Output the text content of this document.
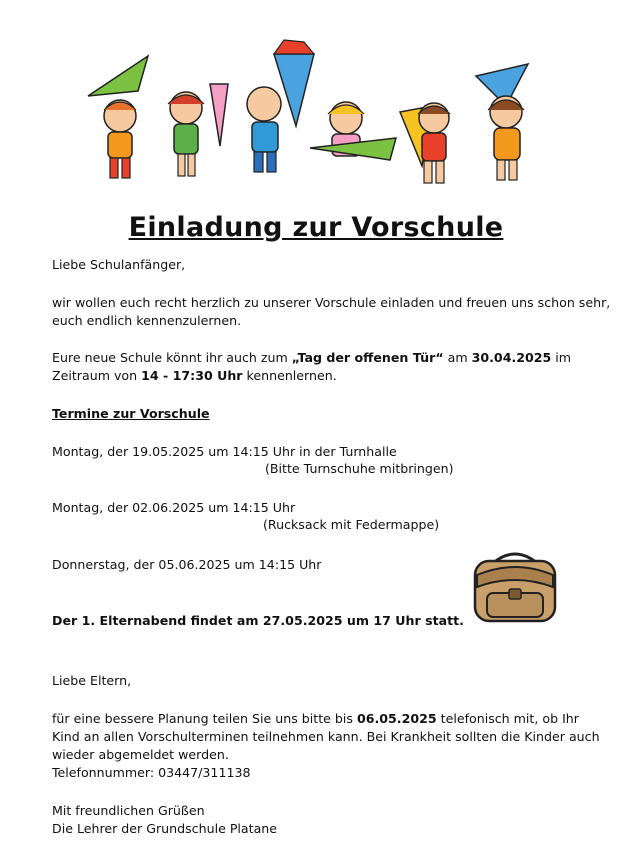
Einladung zur Vorschule
Liebe Schulanfänger,
wir wollen euch recht herzlich zu unserer Vorschule einladen und freuen uns schon sehr,
euch endlich kennenzulernen.
Eure neue Schule könnt ihr auch zum „Tag der offenen Tür“ am 30.04.2025 im
Zeitraum von 14 - 17:30 Uhr kennenlernen.
Termine zur Vorschule
Montag, der 19.05.2025 um 14:15 Uhr in der Turnhalle
(Bitte Turnschuhe mitbringen)
Montag, der 02.06.2025 um 14:15 Uhr
(Rucksack mit Federmappe)
Donnerstag, der 05.06.2025 um 14:15 Uhr
Der 1. Elternabend findet am 27.05.2025 um 17 Uhr statt.
Liebe Eltern,
für eine bessere Planung teilen Sie uns bitte bis 06.05.2025 telefonisch mit, ob Ihr
Kind an allen Vorschulterminen teilnehmen kann. Bei Krankheit sollten die Kinder auch
wieder abgemeldet werden.
Telefonnummer: 03447/311138
Mit freundlichen Grüßen
Die Lehrer der Grundschule Platane
